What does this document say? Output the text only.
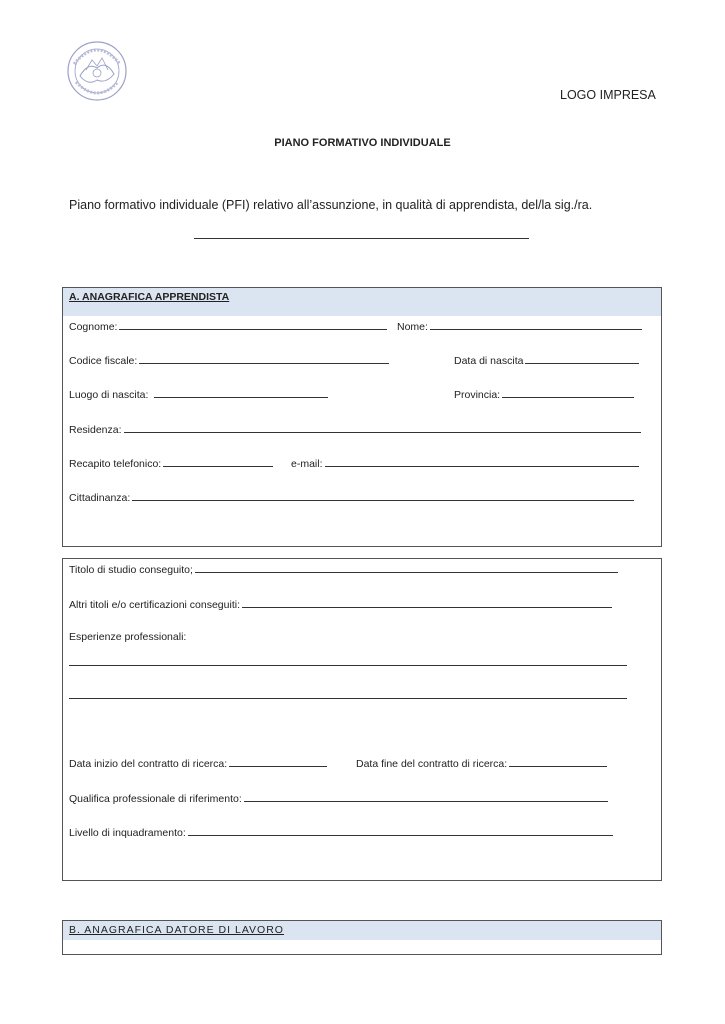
LOGO IMPRESA
PIANO FORMATIVO INDIVIDUALE
Piano formativo individuale (PFI) relativo all’assunzione, in qualità di apprendista, del/la sig./ra.
A. ANAGRAFICA APPRENDISTA
Cognome:	Nome:
Codice fiscale:	Data di nascita
Luogo di nascita:	Provincia:
Residenza:
Recapito telefonico:	e-mail:
Cittadinanza:
Titolo di studio conseguito;
Altri titoli e/o certificazioni conseguiti:
Esperienze professionali:
Data inizio del contratto di ricerca:	Data fine del contratto di ricerca:
Qualifica professionale di riferimento:
Livello di inquadramento:
B. ANAGRAFICA DATORE DI LAVORO
